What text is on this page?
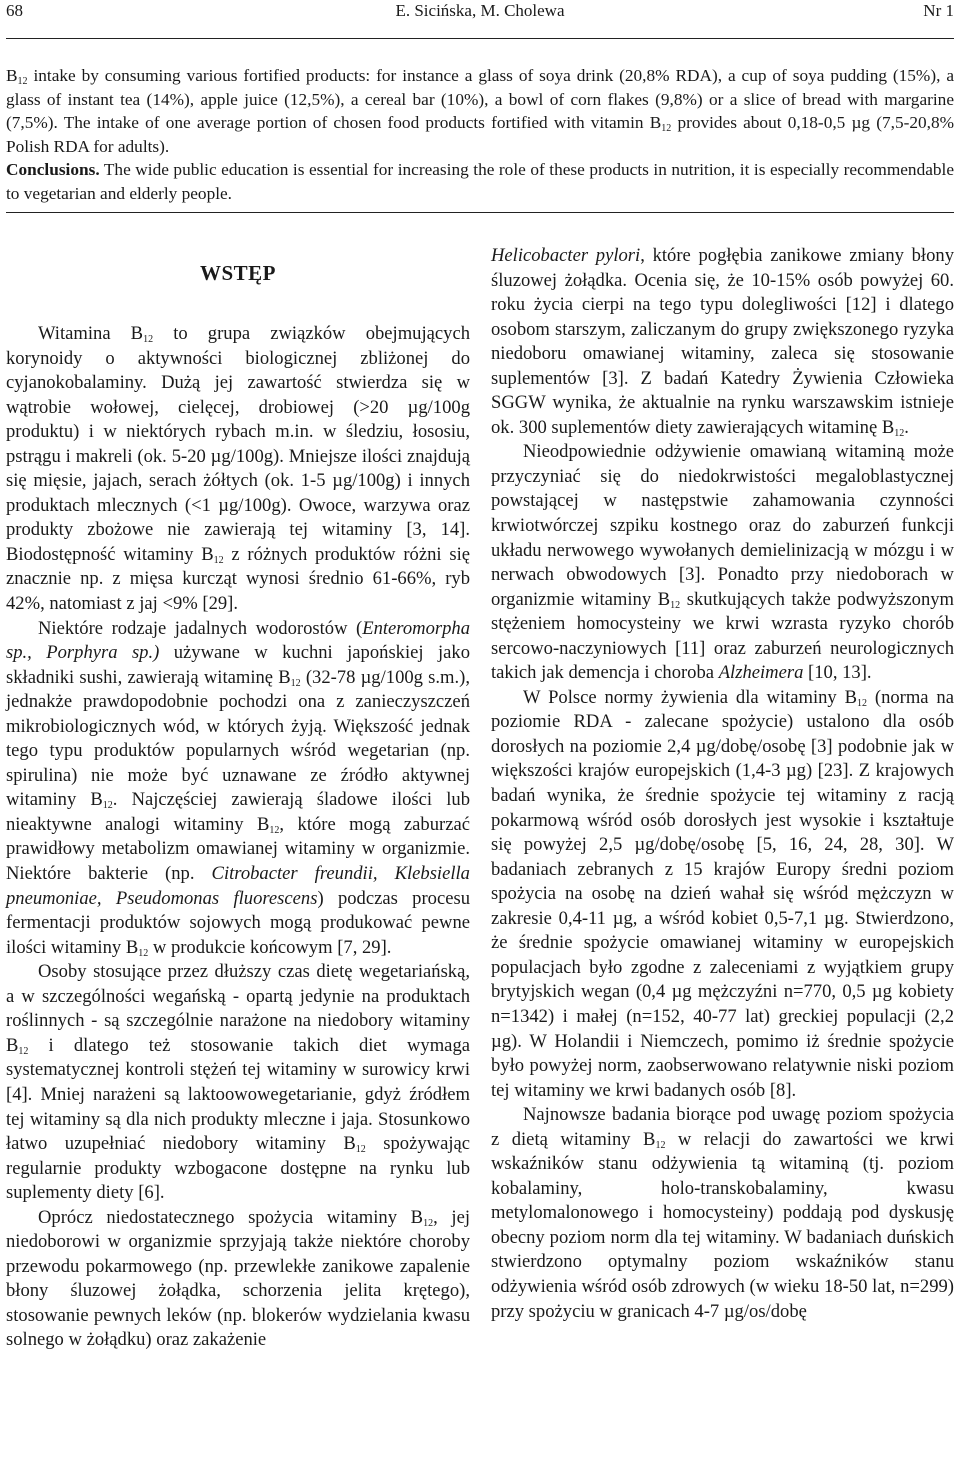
68	E. Sicińska, M. Cholewa	Nr 1

$B_{12}$ intake by consuming various fortified products: for instance a glass of soya drink (20,8% RDA), a cup of soya pudding (15%), a glass of instant tea (14%), apple juice (12,5%), a cereal bar (10%), a bowl of corn flakes (9,8%) or a slice of bread with margarine (7,5%). The intake of one average portion of chosen food products fortified with vitamin $B_{12}$ provides about 0,18-0,5 µg (7,5-20,8% Polish RDA for adults).

Conclusions. The wide public education is essential for increasing the role of these products in nutrition, it is especially recommendable to vegetarian and elderly people.

WSTĘP

Witamina $B_{12}$ to grupa związków obejmujących korynoidy o aktywności biologicznej zbliżonej do cyjanokobalaminy. Dużą jej zawartość stwierdza się w wątrobie wołowej, cielęcej, drobiowej (>20 µg/100g produktu) i w niektórych rybach m.in. w śledziu, łososiu, pstrągu i makreli (ok. 5-20 µg/100g). Mniejsze ilości znajdują się mięsie, jajach, serach żółtych (ok. 1-5 µg/100g) i innych produktach mlecznych (<1 µg/100g). Owoce, warzywa oraz produkty zbożowe nie zawierają tej witaminy [3, 14]. Biodostępność witaminy $B_{12}$ z różnych produktów różni się znacznie np. z mięsa kurcząt wynosi średnio 61-66%, ryb 42%, natomiast z jaj <9% [29].

Niektóre rodzaje jadalnych wodorostów (Enteromorpha sp., Porphyra sp.) używane w kuchni japońskiej jako składniki sushi, zawierają witaminę $B_{12}$ (32-78 µg/100g s.m.), jednakże prawdopodobnie pochodzi ona z zanieczyszczeń mikrobiologicznych wód, w których żyją. Większość jednak tego typu produktów popularnych wśród wegetarian (np. spirulina) nie może być uznawane ze źródło aktywnej witaminy $B_{12}$. Najczęściej zawierają śladowe ilości lub nieaktywne analogi witaminy $B_{12}$, które mogą zaburzać prawidłowy metabolizm omawianej witaminy w organizmie. Niektóre bakterie (np. Citrobacter freundii, Klebsiella pneumoniae, Pseudomonas fluorescens) podczas procesu fermentacji produktów sojowych mogą produkować pewne ilości witaminy $B_{12}$ w produkcie końcowym [7, 29].

Osoby stosujące przez dłuższy czas dietę wegetariańską, a w szczególności wegańską - opartą jedynie na produktach roślinnych - są szczególnie narażone na niedobory witaminy $B_{12}$ i dlatego też stosowanie takich diet wymaga systematycznej kontroli stężeń tej witaminy w surowicy krwi [4]. Mniej narażeni są laktoowowegetarianie, gdyż źródłem tej witaminy są dla nich produkty mleczne i jaja. Stosunkowo łatwo uzupełniać niedobory witaminy $B_{12}$ spożywając regularnie produkty wzbogacone dostępne na rynku lub suplementy diety [6].

Oprócz niedostatecznego spożycia witaminy $B_{12}$, jej niedoborowi w organizmie sprzyjają także niektóre choroby przewodu pokarmowego (np. przewlekłe zanikowe zapalenie błony śluzowej żołądka, schorzenia jelita krętego), stosowanie pewnych leków (np. blokerów wydzielania kwasu solnego w żołądku) oraz zakażenie

Helicobacter pylori, które pogłębia zanikowe zmiany błony śluzowej żołądka. Ocenia się, że 10-15% osób powyżej 60. roku życia cierpi na tego typu dolegliwości [12] i dlatego osobom starszym, zaliczanym do grupy zwiększonego ryzyka niedoboru omawianej witaminy, zaleca się stosowanie suplementów [3]. Z badań Katedry Żywienia Człowieka SGGW wynika, że aktualnie na rynku warszawskim istnieje ok. 300 suplementów diety zawierających witaminę $B_{12}$.

Nieodpowiednie odżywienie omawianą witaminą może przyczyniać się do niedokrwistości megaloblastycznej powstającej w następstwie zahamowania czynności krwiotwórczej szpiku kostnego oraz do zaburzeń funkcji układu nerwowego wywołanych demielinizacją w mózgu i w nerwach obwodowych [3]. Ponadto przy niedoborach w organizmie witaminy $B_{12}$ skutkujących także podwyższonym stężeniem homocysteiny we krwi wzrasta ryzyko chorób sercowo-naczyniowych [11] oraz zaburzeń neurologicznych takich jak demencja i choroba Alzheimera [10, 13].

W Polsce normy żywienia dla witaminy $B_{12}$ (norma na poziomie RDA - zalecane spożycie) ustalono dla osób dorosłych na poziomie 2,4 µg/dobę/osobę [3] podobnie jak w większości krajów europejskich (1,4-3 µg) [23]. Z krajowych badań wynika, że średnie spożycie tej witaminy z racją pokarmową wśród osób dorosłych jest wysokie i kształtuje się powyżej 2,5 µg/dobę/osobę [5, 16, 24, 28, 30]. W badaniach zebranych z 15 krajów Europy średni poziom spożycia na osobę na dzień wahał się wśród mężczyzn w zakresie 0,4-11 µg, a wśród kobiet 0,5-7,1 µg. Stwierdzono, że średnie spożycie omawianej witaminy w europejskich populacjach było zgodne z zaleceniami z wyjątkiem grupy brytyjskich wegan (0,4 µg mężczyźni n=770, 0,5 µg kobiety n=1342) i małej (n=152, 40-77 lat) greckiej populacji (2,2 µg). W Holandii i Niemczech, pomimo iż średnie spożycie było powyżej norm, zaobserwowano relatywnie niski poziom tej witaminy we krwi badanych osób [8].

Najnowsze badania biorące pod uwagę poziom spożycia z dietą witaminy $B_{12}$ w relacji do zawartości we krwi wskaźników stanu odżywienia tą witaminą (tj. poziom kobalaminy, holo-transkobalaminy, kwasu metylomalonowego i homocysteiny) poddają pod dyskusję obecny poziom norm dla tej witaminy. W badaniach duńskich stwierdzono optymalny poziom wskaźników stanu odżywienia wśród osób zdrowych (w wieku 18-50 lat, n=299) przy spożyciu w granicach 4-7 µg/os/dobę
